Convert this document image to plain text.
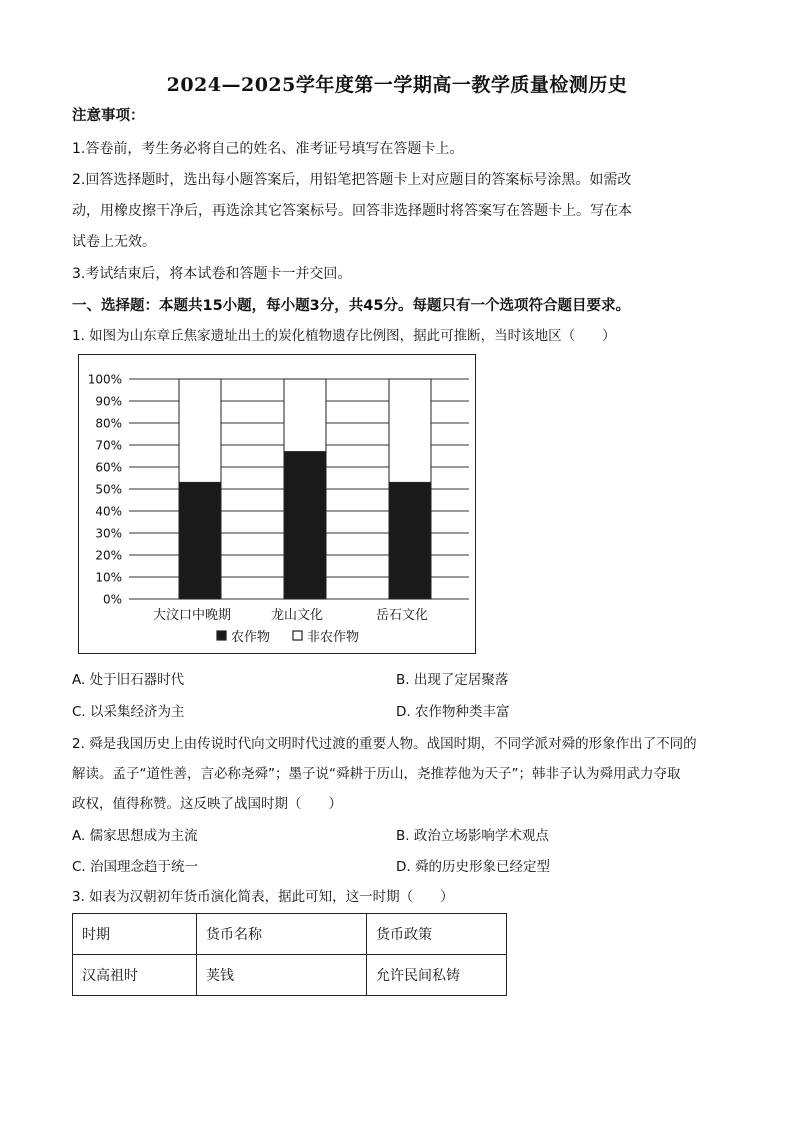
2024—2025学年度第一学期高一教学质量检测历史
注意事项：
1.答卷前，考生务必将自己的姓名、准考证号填写在答题卡上。
2.回答选择题时，选出每小题答案后，用铅笔把答题卡上对应题目的答案标号涂黑。如需改
动，用橡皮擦干净后，再选涂其它答案标号。回答非选择题时将答案写在答题卡上。写在本
试卷上无效。
3.考试结束后，将本试卷和答题卡一并交回。
一、选择题：本题共15小题，每小题3分，共45分。每题只有一个选项符合题目要求。
1. 如图为山东章丘焦家遗址出土的炭化植物遗存比例图，据此可推断，当时该地区（　　）
0%
10%
20%
30%
40%
50%
60%
70%
80%
90%
100%
大汶口中晚期	龙山文化	岳石文化
农作物	非农作物
A. 处于旧石器时代	B. 出现了定居聚落
C. 以采集经济为主	D. 农作物种类丰富
2. 舜是我国历史上由传说时代向文明时代过渡的重要人物。战国时期，不同学派对舜的形象作出了不同的
解读。孟子“道性善，言必称尧舜”；墨子说“舜耕于历山，尧推荐他为天子”；韩非子认为舜用武力夺取
政权，值得称赞。这反映了战国时期（　　）
A. 儒家思想成为主流	B. 政治立场影响学术观点
C. 治国理念趋于统一	D. 舜的历史形象已经定型
3. 如表为汉朝初年货币演化简表，据此可知，这一时期（　　）
时期	货币名称	货币政策
汉高祖时	荚钱	允许民间私铸
